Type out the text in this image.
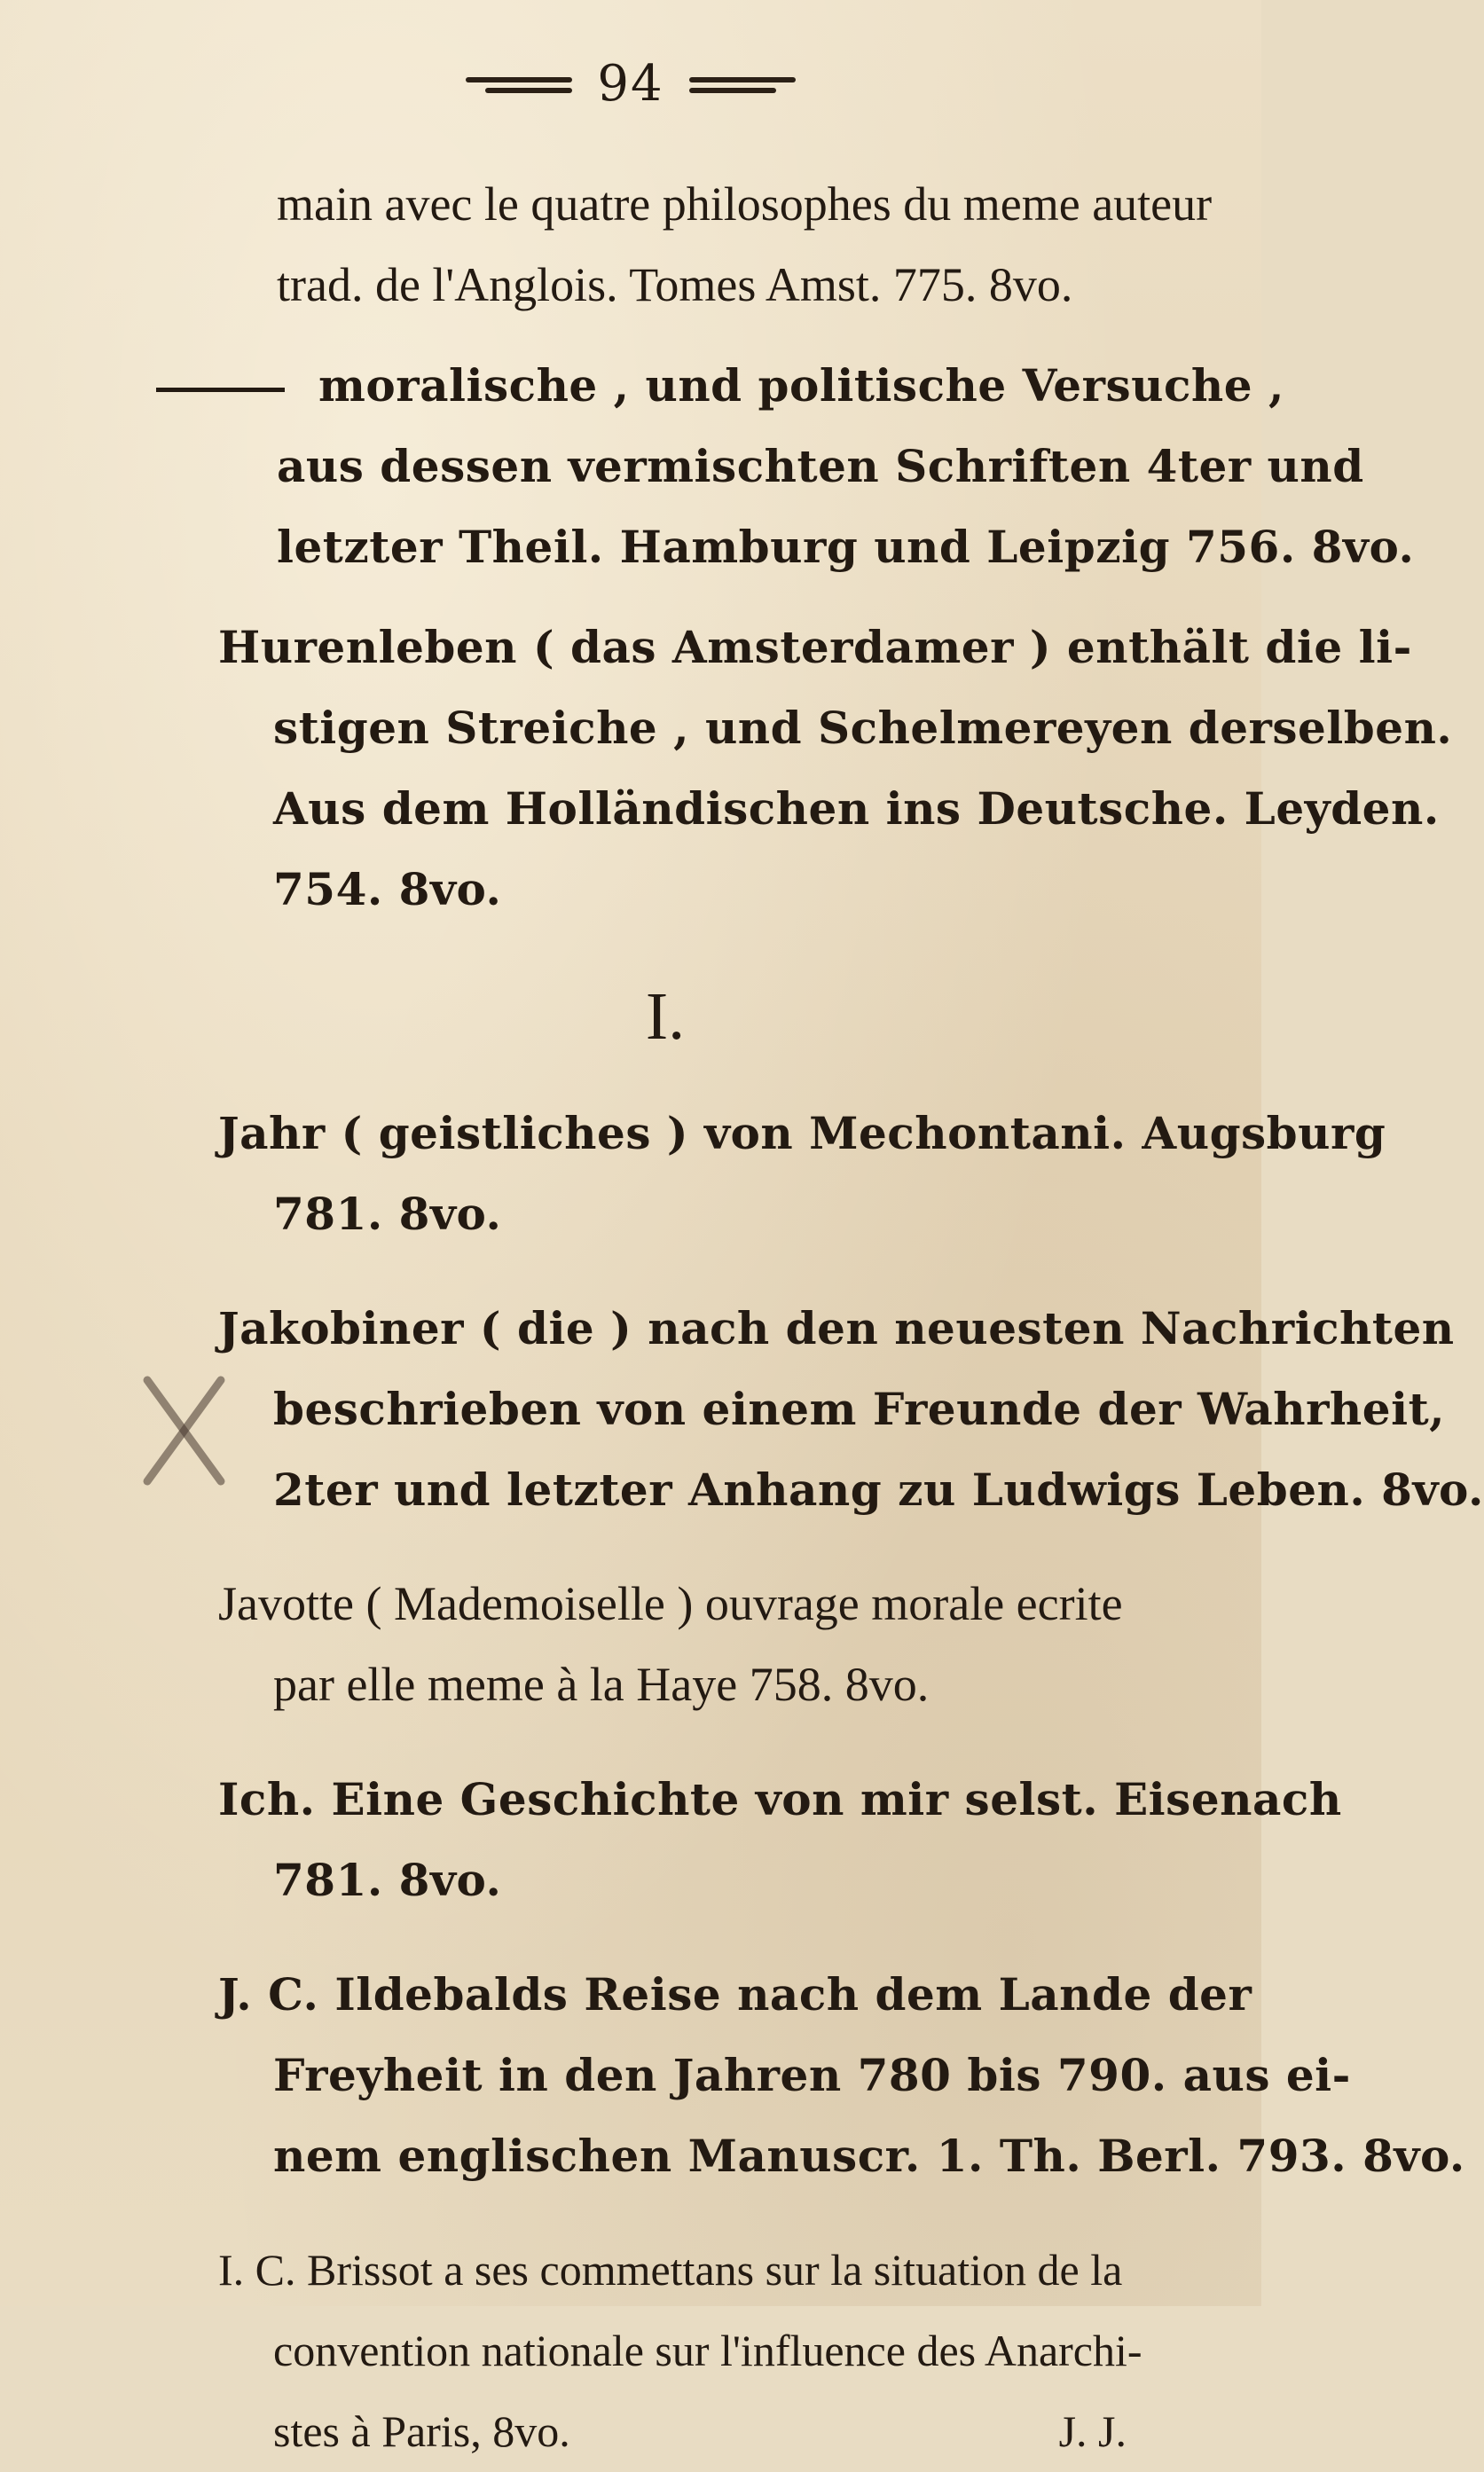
94
main avec le quatre philosophes du meme auteur
trad. de l'Anglois. Tomes Amst. 775. 8vo.
moralische , und politische Versuche ,
aus dessen vermischten Schriften 4ter und
letzter Theil. Hamburg und Leipzig 756. 8vo.
Hurenleben ( das Amsterdamer ) enthält die li-
stigen Streiche , und Schelmereyen derselben.
Aus dem Holländischen ins Deutsche. Leyden.
754. 8vo.
I.
Jahr ( geistliches ) von Mechontani. Augsburg
781. 8vo.
Jakobiner ( die ) nach den neuesten Nachrichten
beschrieben von einem Freunde der Wahrheit,
2ter und letzter Anhang zu Ludwigs Leben. 8vo.
Javotte ( Mademoiselle ) ouvrage morale ecrite
par elle meme à la Haye 758. 8vo.
Ich. Eine Geschichte von mir selst. Eisenach
781. 8vo.
J. C. Ildebalds Reise nach dem Lande der
Freyheit in den Jahren 780 bis 790. aus ei-
nem englischen Manuscr. 1. Th. Berl. 793. 8vo.
I. C. Brissot a ses commettans sur la situation de la
convention nationale sur l'influence des Anarchi-
stes à Paris, 8vo.	J. J.
